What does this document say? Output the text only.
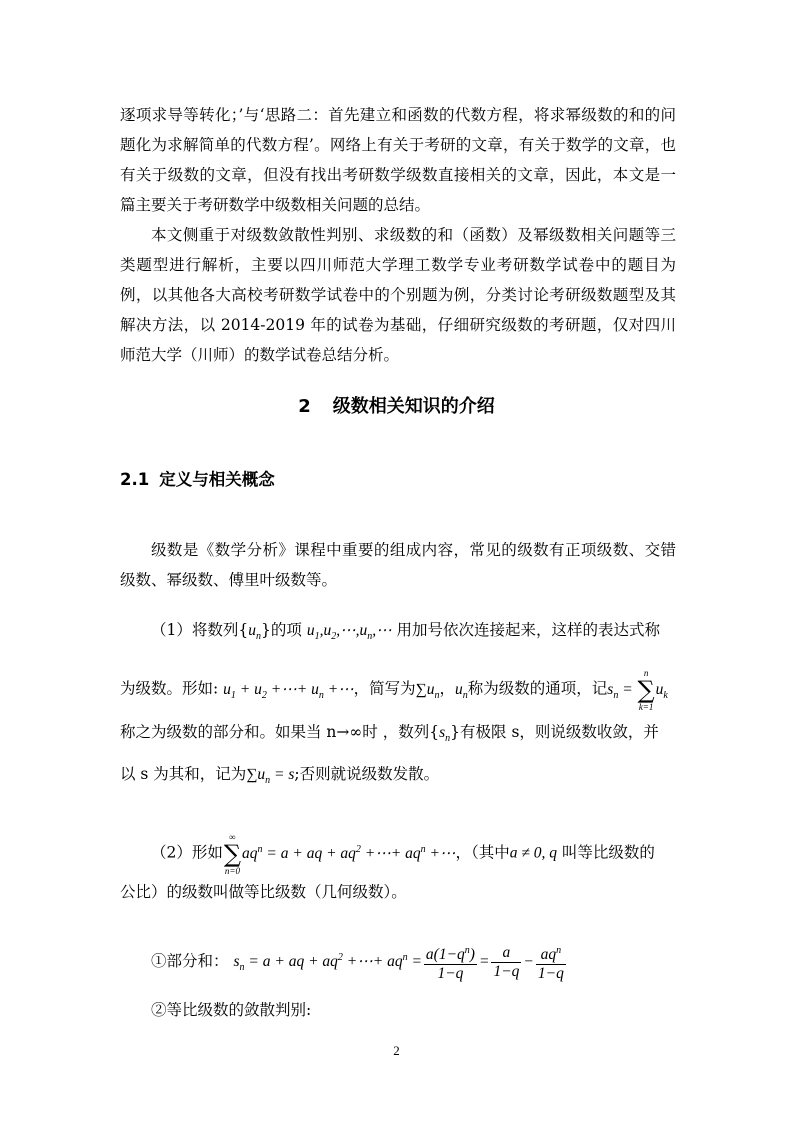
逐项求导等转化；’与‘思路二：首先建立和函数的代数方程，将求幂级数的和的问题化为求解简单的代数方程’。网络上有关于考研的文章，有关于数学的文章，也有关于级数的文章，但没有找出考研数学级数直接相关的文章，因此，本文是一篇主要关于考研数学中级数相关问题的总结。

本文侧重于对级数敛散性判别、求级数的和（函数）及幂级数相关问题等三类题型进行解析，主要以四川师范大学理工数学专业考研数学试卷中的题目为例，以其他各大高校考研数学试卷中的个别题为例，分类讨论考研级数题型及其解决方法，以 2014-2019 年的试卷为基础，仔细研究级数的考研题，仅对四川师范大学（川师）的数学试卷总结分析。

2 级数相关知识的介绍
2.1 定义与相关概念

级数是《数学分析》课程中重要的组成内容，常见的级数有正项级数、交错级数、幂级数、傅里叶级数等。

（1）将数列$\{u_n\}$的项 $u_1,u_2,\cdots,u_n,\cdots$ 用加号依次连接起来，这样的表达式称
为级数。形如: $u_1 + u_2$ +⋯+ $u_n$ +⋯，简写为$\sum u_n$，$u_n$称为级数的通项，记$s_n$ =
n
∑
k=1
$u_k$
称之为级数的部分和。如果当 n→∞时 ，数列$\{s_n\}$有极限 s，则说级数收敛，并
以 s 为其和，记为$\sum u_n = s$;否则就说级数发散。
（2）形如
∞
∑
n=0
$aq^n = a$ + aq + $aq^2$ +⋯+ $aq^n$ +⋯，（其中a ≠ 0, q 叫等比级数的
公比）的级数叫做等比级数（几何级数）。
①部分和： $s_n = a$ + aq + $aq^2$ +⋯+ $aq^n = \frac{a(1-q^n)}{1-q} = \frac{a}{1-q} - \frac{aq^n}{1-q}$
②等比级数的敛散判别:
2
